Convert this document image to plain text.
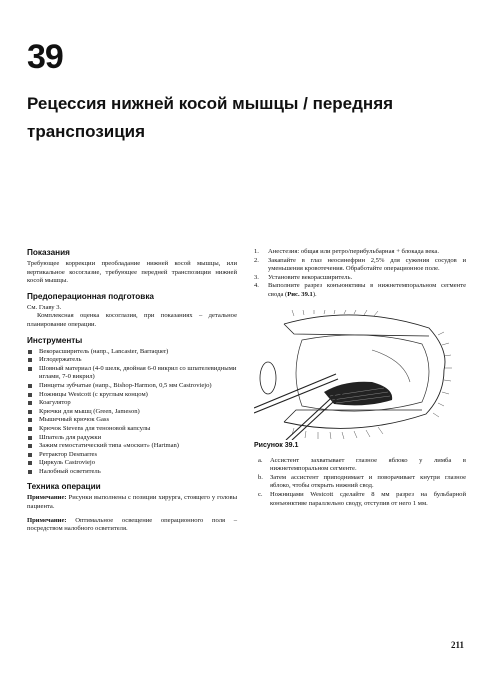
39
Рецессия нижней косой мышцы / передняя транспозиция
Показания

Требующее коррекции преобладание нижней косой мышцы, или вертикальное косоглазие, требующее передней транспозиции нижней косой мышцы.

Предоперационная подготовка

См. Главу 3.

Комплексная оценка косоглазия, при показаниях – детальное планирование операции.

Инструменты
Векорасширитель (напр., Lancaster, Barraquer)
Иглодержатель
Шовный материал (4-0 шелк, двойная 6-0 викрил со шпателевидными иглами, 7-0 викрил)
Пинцеты зубчатые (напр., Bishop-Harmon, 0,5 мм Castroviejo)
Ножницы Westcott (с круглым концом)
Коагулятор
Крючки для мышц (Green, Jameson)
Мышечный крючок Gass
Крючок Stevens для теноновой капсулы
Шпатель для радужки
Зажим гемостатический типа «москит» (Hartman)
Ретрактор Desmarres
Циркуль Castroviejo
Налобный осветитель
Техника операции

Примечание: Рисунки выполнены с позиции хирурга, стоящего у головы пациента.

Примечание: Оптимальное освещение операционного поля – посредством налобного осветителя.

1. Анестезия: общая или ретро/перибульбарная + блокада века.
2. Закапайте в глаз неосинефрин 2,5% для сужения сосудов и уменьшения кровотечения. Обработайте операционное поле.
3. Установите векорасширитель.
4. Выполните разрез конъюнктивы в нижнетемпоральном сегменте свода (Рис. 39.1).
Рисунок 39.1
a. Ассистент захватывает глазное яблоко у лимба в нижнетемпоральном сегменте.
b. Затем ассистент приподнимает и поворачивает кнутри глазное яблоко, чтобы открыть нижний свод.
c. Ножницами Westcott сделайте 8 мм разрез на бульбарной конъюнктиве параллельно своду, отступив от него 1 мм.
211
